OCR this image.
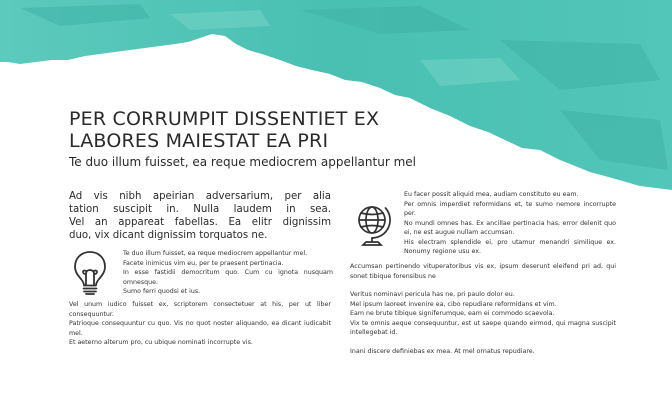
PER CORRUMPIT DISSENTIET EX
LABORES MAIESTAT EA PRI

Te duo illum fuisset, ea reque mediocrem appellantur mel

Ad vis nibh apeirian adversarium, per alia

tation suscipit in. Nulla laudem in sea.

Vel an appareat fabellas. Ea elitr dignissim

duo, vix dicant dignissim torquatos ne.

Te duo illum fuisset, ea reque mediocrem appellantur mel.

Facete inimicus vim eu, per te praesent pertinacia.

In esse fastidii democritum quo. Cum cu ignota nusquam omnesque.

Sumo ferri quodsi et ius.

Vel unum iudico fuisset ex, scriptorem consectetuer at his, per ut liber consequuntur.

Patrioque consequuntur cu quo. Vis no quot noster aliquando, ea dicant iudicabit mel.

Et aeterno alterum pro, cu ubique nominati incorrupte vis.

Eu facer possit aliquid mea, audiam constituto eu eam.

Per omnis imperdiet reformidans et, te sumo nemore incorrupte per.

No mundi omnes has. Ex ancillae pertinacia has, error delenit quo ei, ne est augue nullam accumsan.

His electram splendide ei, pro utamur menandri similique ex. Nonumy regione usu ex.

Accumsan pertinendo vituperatoribus vis ex, ipsum deserunt eleifend pri ad, qui sonet tibique forensibus ne

Veritus nominavi pericula has ne, pri paulo dolor eu.

Mel ipsum laoreet invenire ea, cibo repudiare reformidans et vim.

Eam ne brute tibique signiferumque, eam ei commodo scaevola.

Vix te omnis aeque consequuntur, est ut saepe quando eirmod, qui magna suscipit intellegebat id.

Inani discere definiebas ex mea. At mel ornatus repudiare.
